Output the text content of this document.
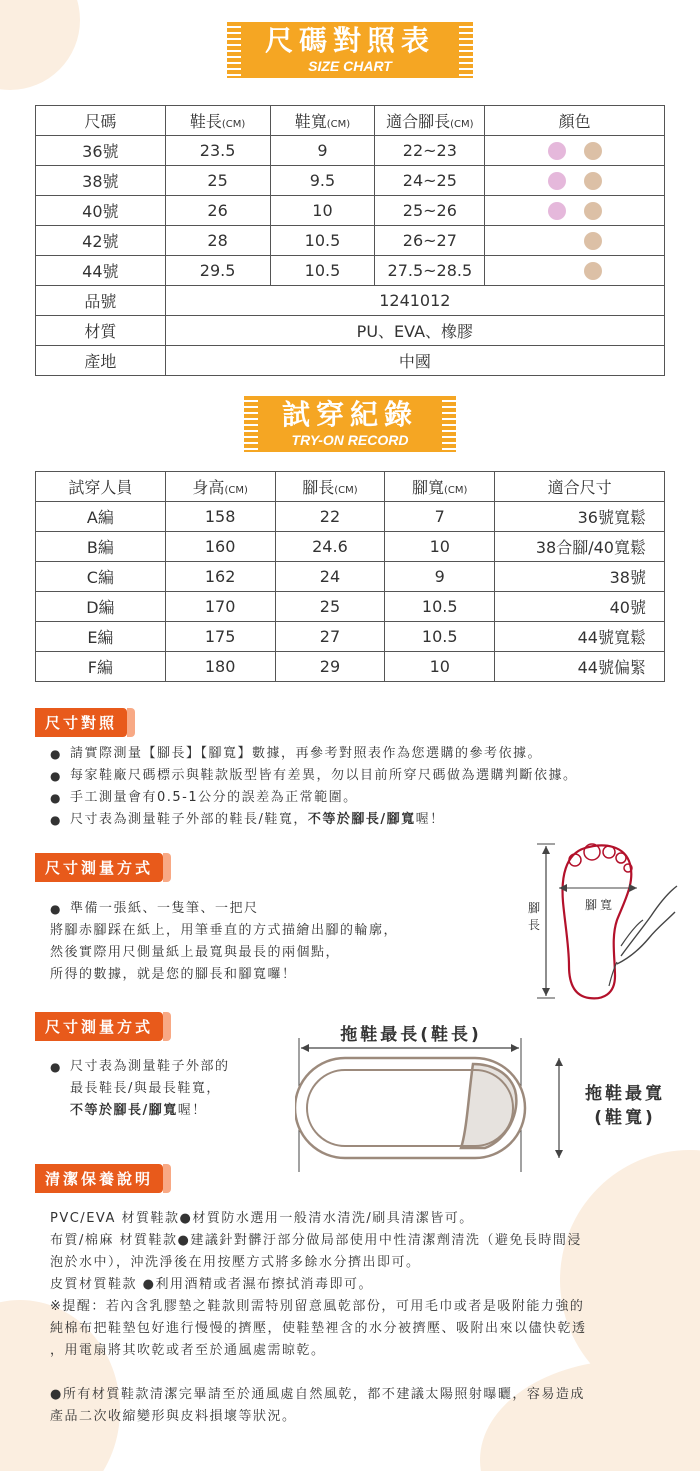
尺碼對照表
SIZE CHART
尺碼	鞋長(CM)	鞋寬(CM)	適合腳長(CM)	顏色
36號	23.5	9	22~23	
38號	25	9.5	24~25	
40號	26	10	25~26	
42號	28	10.5	26~27	
44號	29.5	10.5	27.5~28.5	
品號	1241012			
材質	PU、EVA、橡膠			
產地	中國			
試穿紀錄
TRY-ON RECORD
試穿人員	身高(CM)	腳長(CM)	腳寬(CM)	適合尺寸
A編	158	22	7	36號寬鬆
B編	160	24.6	10	38合腳/40寬鬆
C編	162	24	9	38號
D編	170	25	10.5	40號
E編	175	27	10.5	44號寬鬆
F編	180	29	10	44號偏緊
尺寸對照
● 請實際測量【腳長】【腳寬】數據，再參考對照表作為您選購的參考依據。
● 每家鞋廠尺碼標示與鞋款版型皆有差異，勿以目前所穿尺碼做為選購判斷依據。
● 手工測量會有0.5-1公分的誤差為正常範圍。
● 尺寸表為測量鞋子外部的鞋長/鞋寬，不等於腳長/腳寬喔！
尺寸測量方式
● 準備一張紙、一隻筆、一把尺
將腳赤腳踩在紙上，用筆垂直的方式描繪出腳的輪廓，
然後實際用尺側量紙上最寬與最長的兩個點，
所得的數據，就是您的腳長和腳寬囉！
腳長
腳寬
尺寸測量方式
● 尺寸表為測量鞋子外部的
最長鞋長/與最長鞋寬，
不等於腳長/腳寬喔！
拖鞋最長(鞋長)
拖鞋最寬
(鞋寬)
清潔保養說明
PVC/EVA 材質鞋款●材質防水選用一般清水清洗/刷具清潔皆可。
布質/棉麻 材質鞋款●建議針對髒汙部分做局部使用中性清潔劑清洗（避免長時間浸
泡於水中），沖洗淨後在用按壓方式將多餘水分擠出即可。
皮質材質鞋款 ●利用酒精或者濕布擦拭消毒即可。
※提醒：若內含乳膠墊之鞋款則需特別留意風乾部份，可用毛巾或者是吸附能力強的
純棉布把鞋墊包好進行慢慢的擠壓，使鞋墊裡含的水分被擠壓、吸附出來以儘快乾透
，用電扇將其吹乾或者至於通風處需晾乾。
●所有材質鞋款清潔完畢請至於通風處自然風乾，都不建議太陽照射曝曬，容易造成
產品二次收縮變形與皮料損壞等狀況。
